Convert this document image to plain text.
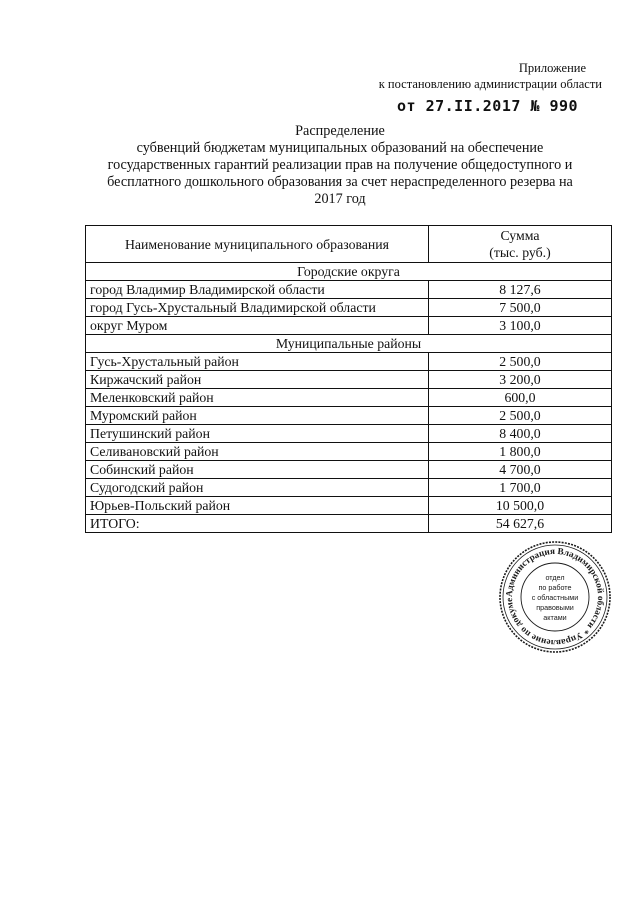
Приложение
к постановлению администрации области
от 27.II.2017 № 990
Распределение
субвенций бюджетам муниципальных образований на обеспечение
государственных гарантий реализации прав на получение общедоступного и
бесплатного дошкольного образования за счет нераспределенного резерва на
2017 год
Наименование муниципального образования	Сумма
(тыс. руб.)

Городские округа	
город Владимир Владимирской области	8 127,6
город Гусь-Хрустальный Владимирской области	7 500,0
округ Муром	3 100,0
Муниципальные районы	
Гусь-Хрустальный район	2 500,0
Киржачский район	3 200,0
Меленковский район	600,0
Муромский район	2 500,0
Петушинский район	8 400,0
Селивановский район	1 800,0
Собинский район	4 700,0
Судогодский район	1 700,0
Юрьев-Польский район	10 500,0
ИТОГО:	54 627,6
Администрация Владимирской области * Управление по документообороту
отдел
по работе
с областными
правовыми
актами
